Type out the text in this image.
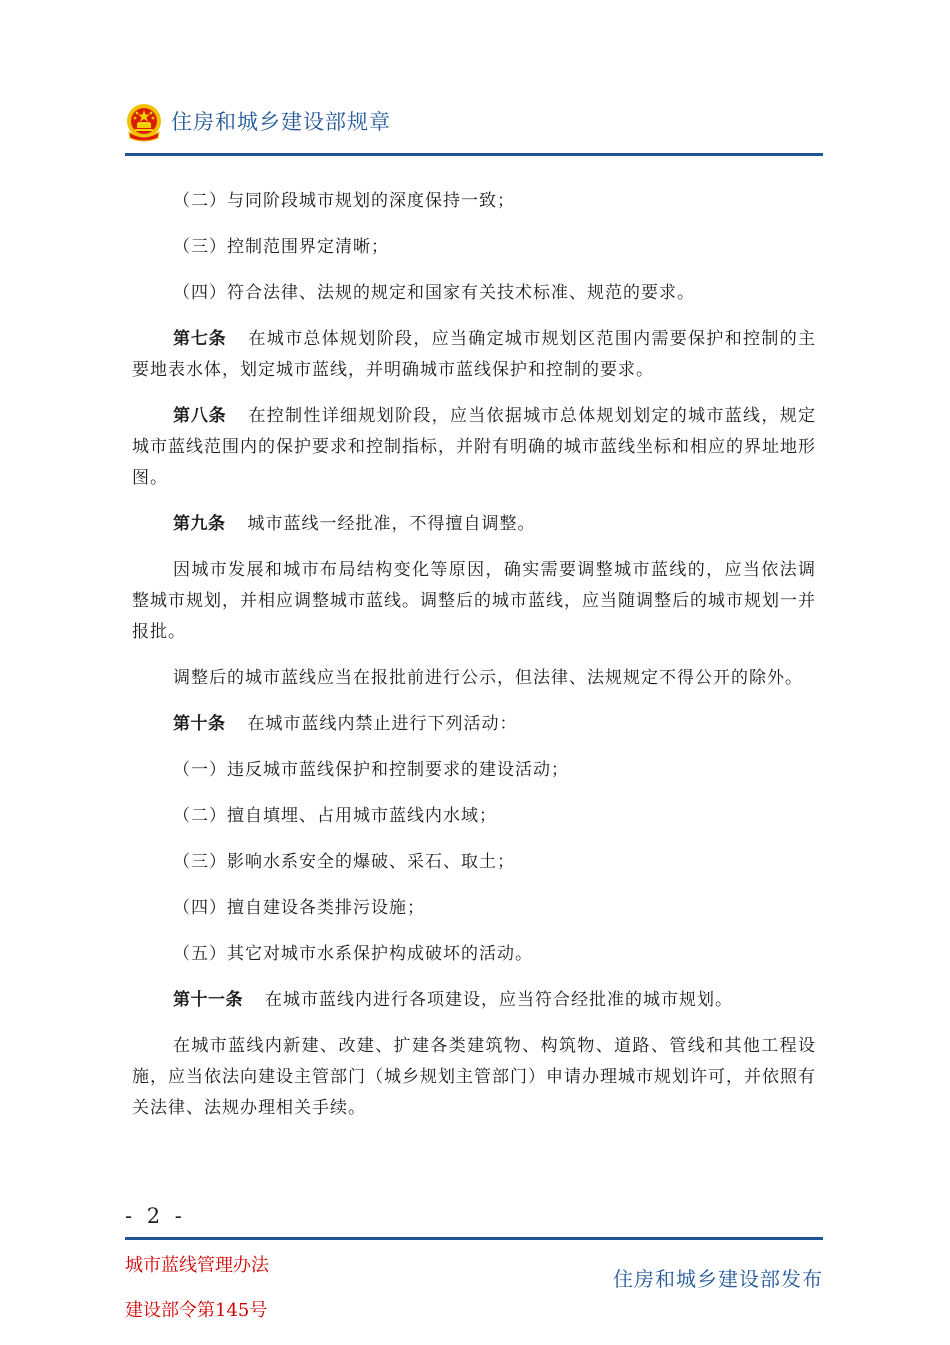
住房和城乡建设部规章

（二）与同阶段城市规划的深度保持一致；

（三）控制范围界定清晰；

（四）符合法律、法规的规定和国家有关技术标准、规范的要求。

第七条 在城市总体规划阶段，应当确定城市规划区范围内需要保护和控制的主要地表水体，划定城市蓝线，并明确城市蓝线保护和控制的要求。

第八条 在控制性详细规划阶段，应当依据城市总体规划划定的城市蓝线，规定城市蓝线范围内的保护要求和控制指标，并附有明确的城市蓝线坐标和相应的界址地形图。

第九条 城市蓝线一经批准，不得擅自调整。

因城市发展和城市布局结构变化等原因，确实需要调整城市蓝线的，应当依法调整城市规划，并相应调整城市蓝线。调整后的城市蓝线，应当随调整后的城市规划一并报批。

调整后的城市蓝线应当在报批前进行公示，但法律、法规规定不得公开的除外。

第十条 在城市蓝线内禁止进行下列活动：

（一）违反城市蓝线保护和控制要求的建设活动；

（二）擅自填埋、占用城市蓝线内水域；

（三）影响水系安全的爆破、采石、取土；

（四）擅自建设各类排污设施；

（五）其它对城市水系保护构成破坏的活动。

第十一条 在城市蓝线内进行各项建设，应当符合经批准的城市规划。

在城市蓝线内新建、改建、扩建各类建筑物、构筑物、道路、管线和其他工程设施，应当依法向建设主管部门（城乡规划主管部门）申请办理城市规划许可，并依照有关法律、法规办理相关手续。

- 2 -
城市蓝线管理办法
建设部令第145号
住房和城乡建设部发布
